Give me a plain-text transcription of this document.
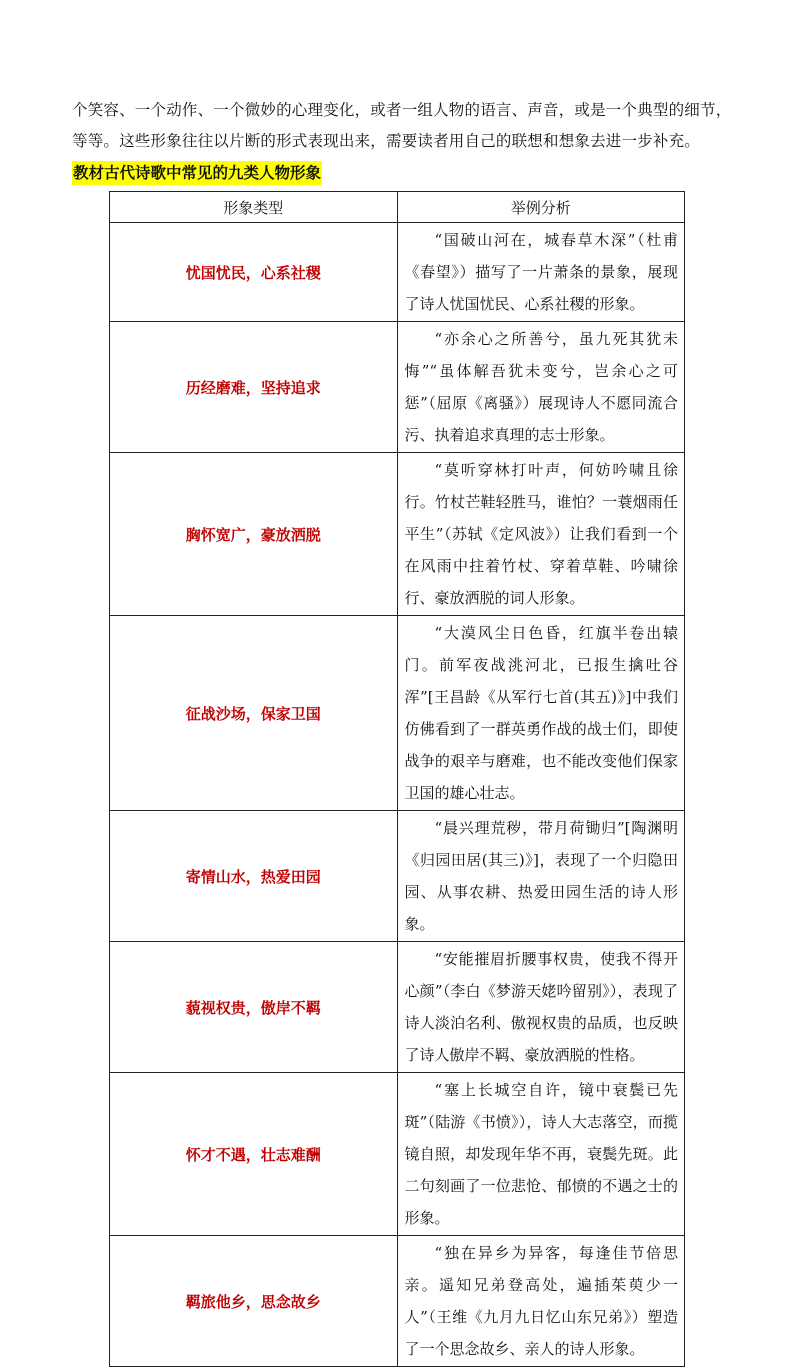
个笑容、一个动作、一个微妙的心理变化，或者一组人物的语言、声音，或是一个典型的细节，等等。这些形象往往以片断的形式表现出来，需要读者用自己的联想和想象去进一步补充。
教材古代诗歌中常见的九类人物形象
形象类型	举例分析
忧国忧民，心系社稷	“国破山河在，城春草木深”（杜甫《春望》）描写了一片萧条的景象，展现了诗人忧国忧民、心系社稷的形象。
历经磨难，坚持追求	“亦余心之所善兮，虽九死其犹未悔”“虽体解吾犹未变兮，岂余心之可惩”（屈原《离骚》）展现诗人不愿同流合污、执着追求真理的志士形象。
胸怀宽广，豪放洒脱	“莫听穿林打叶声，何妨吟啸且徐行。竹杖芒鞋轻胜马，谁怕？一蓑烟雨任平生”（苏轼《定风波》）让我们看到一个在风雨中拄着竹杖、穿着草鞋、吟啸徐行、豪放洒脱的词人形象。
征战沙场，保家卫国	“大漠风尘日色昏，红旗半卷出辕门。前军夜战洮河北，已报生擒吐谷浑”[王昌龄《从军行七首(其五)》]中我们仿佛看到了一群英勇作战的战士们，即使战争的艰辛与磨难，也不能改变他们保家卫国的雄心壮志。
寄情山水，热爱田园	“晨兴理荒秽，带月荷锄归”[陶渊明《归园田居(其三)》]，表现了一个归隐田园、从事农耕、热爱田园生活的诗人形象。
藐视权贵，傲岸不羁	“安能摧眉折腰事权贵，使我不得开心颜”（李白《梦游天姥吟留别》），表现了诗人淡泊名利、傲视权贵的品质，也反映了诗人傲岸不羁、豪放洒脱的性格。
怀才不遇，壮志难酬	“塞上长城空自许，镜中衰鬓已先斑”（陆游《书愤》），诗人大志落空，而揽镜自照，却发现年华不再，衰鬓先斑。此二句刻画了一位悲怆、郁愤的不遇之士的形象。
羁旅他乡，思念故乡	“独在异乡为异客，每逢佳节倍思亲。遥知兄弟登高处，遍插茱萸少一人”（王维《九月九日忆山东兄弟》）塑造了一个思念故乡、亲人的诗人形象。
